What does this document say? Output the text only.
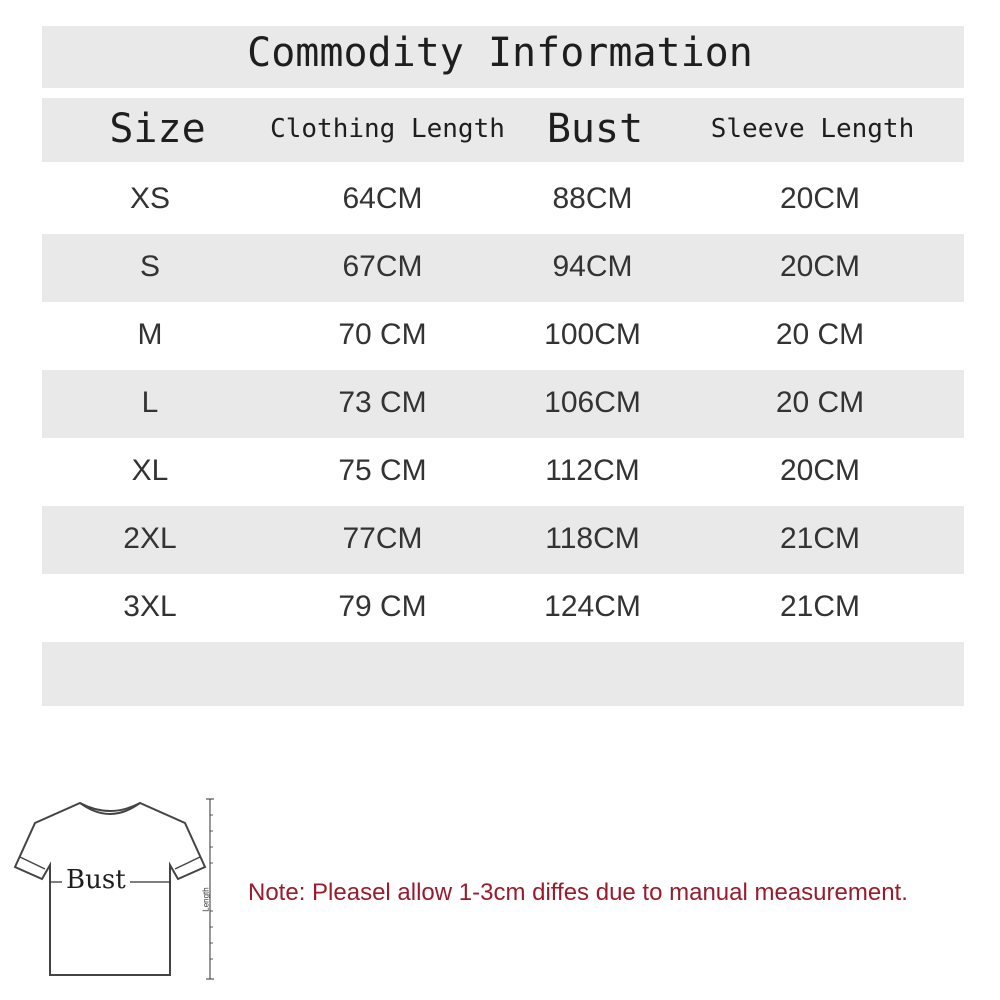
Commodity Information
Size	Clothing Length	Bust	Sleeve Length
XS	64CM	88CM	20CM
S	67CM	94CM	20CM
M	70 CM	100CM	20 CM
L	73 CM	106CM	20 CM
XL	75 CM	112CM	20CM
2XL	77CM	118CM	21CM
3XL	79 CM	124CM	21CM
Bust
Length Note: Pleasel allow 1-3cm diffes due to manual measurement.
